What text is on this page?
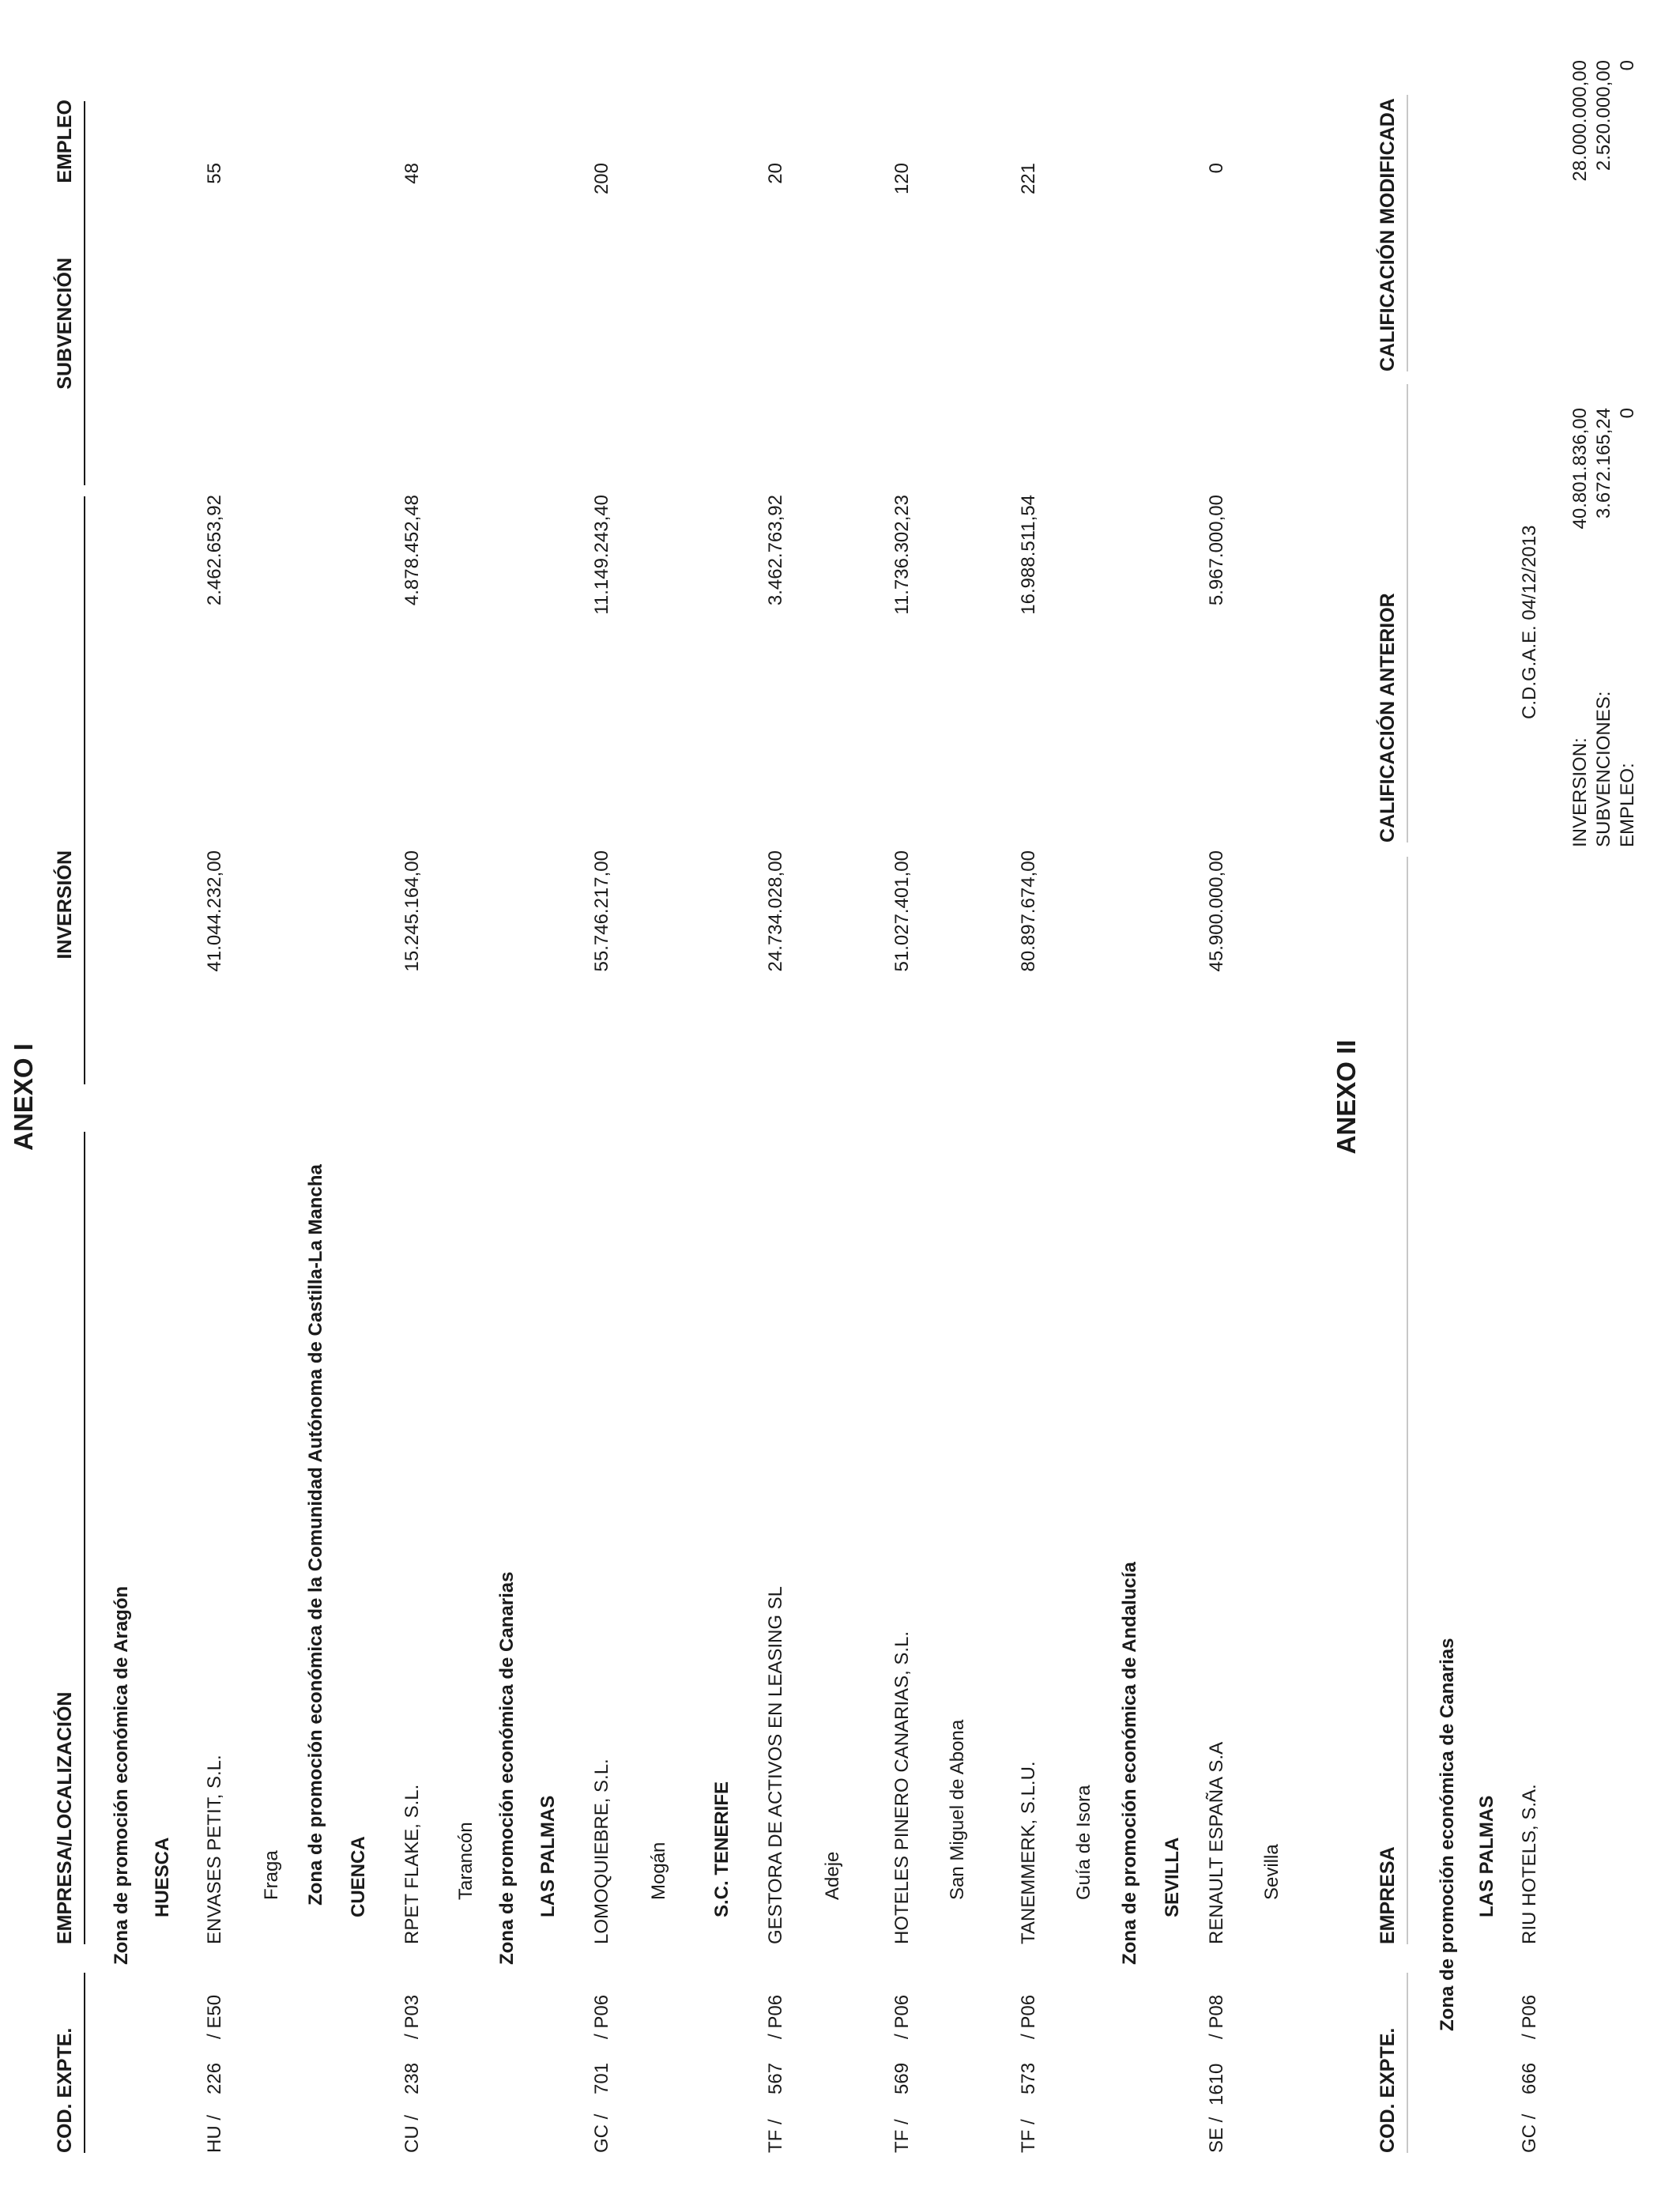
ANEXO I
COD. EXPTE.
EMPRESA/LOCALIZACIÓN
INVERSIÓN
SUBVENCIÓN
EMPLEO
Zona de promoción económica de Aragón HUESCA
HU /
226
/ E50
ENVASES PETIT, S.L.
41.044.232,00
2.462.653,92
55
Fraga Zona de promoción económica de la Comunidad Autónoma de Castilla-La Mancha CUENCA
CU /
238
/ P03
RPET FLAKE, S.L.
15.245.164,00
4.878.452,48
48
Tarancón Zona de promoción económica de Canarias LAS PALMAS
GC /
701
/ P06
LOMOQUIEBRE, S.L.
55.746.217,00
11.149.243,40
200
Mogán S.C. TENERIFE
TF /
567
/ P06
GESTORA DE ACTIVOS EN LEASING SL
24.734.028,00
3.462.763,92
20
Adeje
TF /
569
/ P06
HOTELES PINERO CANARIAS, S.L.
51.027.401,00
11.736.302,23
120
San Miguel de Abona
TF /
573
/ P06
TANEMMERK, S.L.U.
80.897.674,00
16.988.511,54
221
Guía de Isora Zona de promoción económica de Andalucía SEVILLA
SE /
1610
/ P08
RENAULT ESPAÑA S.A
45.900.000,00
5.967.000,00
0
Sevilla
ANEXO II
COD. EXPTE.
EMPRESA
CALIFICACIÓN ANTERIOR
CALIFICACIÓN MODIFICADA
Zona de promoción económica de Canarias LAS PALMAS
GC /
666
/ P06
RIU HOTELS, S.A.
C.D.G.A.E. 04/12/2013
INVERSION: SUBVENCIONES: EMPLEO:
40.801.836,00 3.672.165,24 0
28.000.000,00 2.520.000,00 0
